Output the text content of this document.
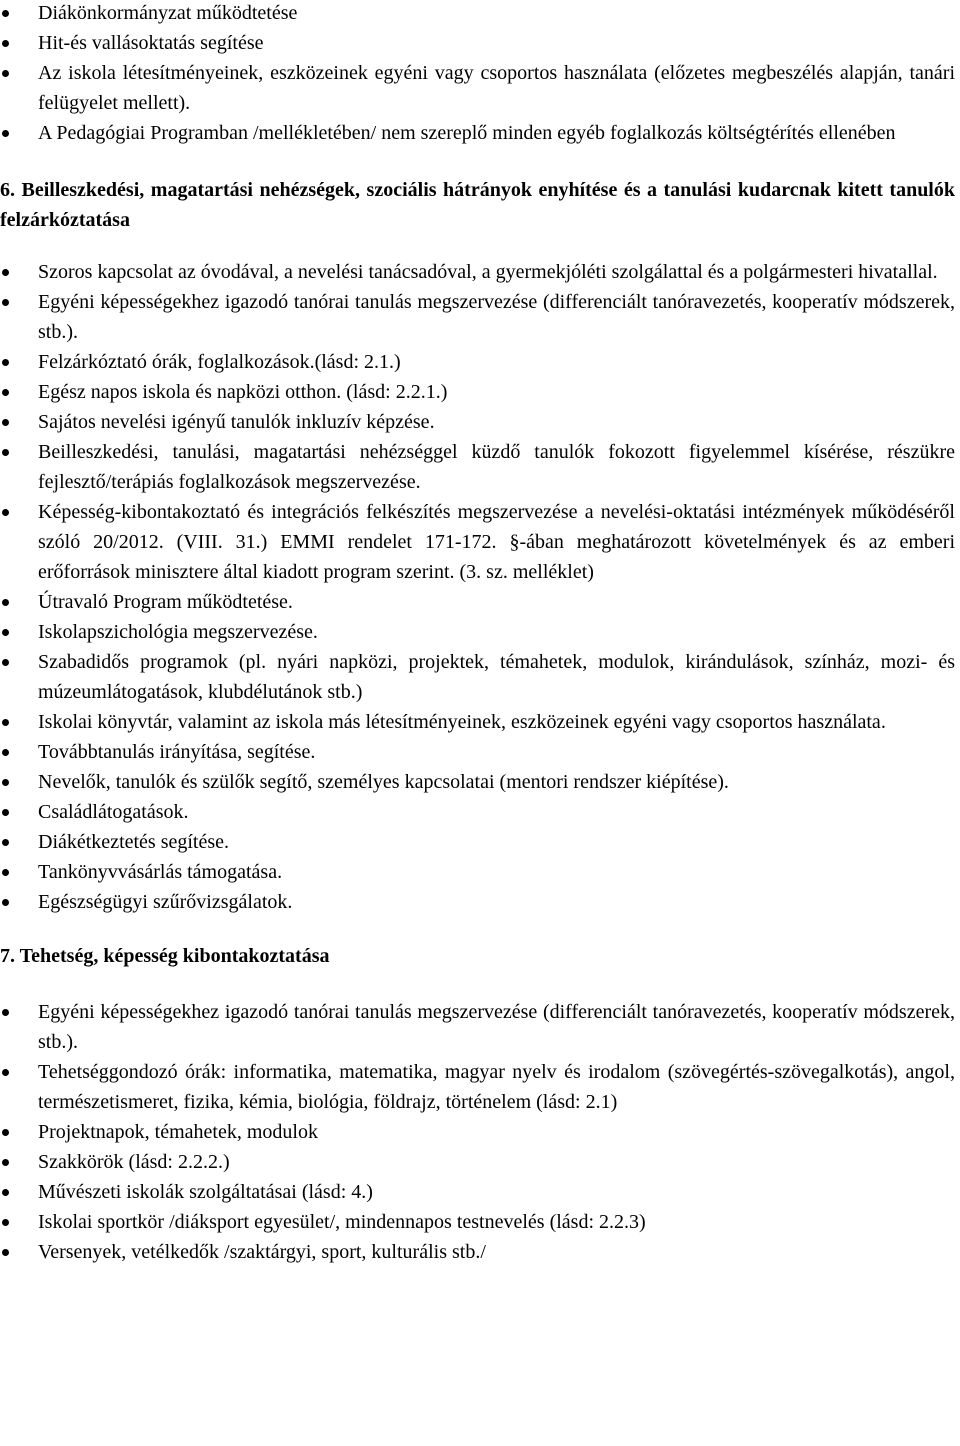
Diákönkormányzat működtetése
Hit-és vallásoktatás segítése
Az iskola létesítményeinek, eszközeinek egyéni vagy csoportos használata (előzetes megbeszélés alapján, tanári felügyelet mellett).
A Pedagógiai Programban /mellékletében/ nem szereplő minden egyéb foglalkozás költségtérítés ellenében

6. Beilleszkedési, magatartási nehézségek, szociális hátrányok enyhítése és a tanulási kudarcnak kitett tanulók felzárkóztatása

Szoros kapcsolat az óvodával, a nevelési tanácsadóval, a gyermekjóléti szolgálattal és a polgármesteri hivatallal.
Egyéni képességekhez igazodó tanórai tanulás megszervezése (differenciált tanóravezetés, kooperatív módszerek, stb.).
Felzárkóztató órák, foglalkozások.(lásd: 2.1.)
Egész napos iskola és napközi otthon. (lásd: 2.2.1.)
Sajátos nevelési igényű tanulók inkluzív képzése.
Beilleszkedési, tanulási, magatartási nehézséggel küzdő tanulók fokozott figyelemmel kísérése, részükre fejlesztő/terápiás foglalkozások megszervezése.
Képesség-kibontakoztató és integrációs felkészítés megszervezése a nevelési-oktatási intézmények működéséről szóló 20/2012. (VIII. 31.) EMMI rendelet 171-172. §-ában meghatározott követelmények és az emberi erőforrások minisztere által kiadott program szerint. (3. sz. melléklet)
Útravaló Program működtetése.
Iskolapszichológia megszervezése.
Szabadidős programok (pl. nyári napközi, projektek, témahetek, modulok, kirándulások, színház, mozi- és múzeumlátogatások, klubdélutánok stb.)
Iskolai könyvtár, valamint az iskola más létesítményeinek, eszközeinek egyéni vagy csoportos használata.
Továbbtanulás irányítása, segítése.
Nevelők, tanulók és szülők segítő, személyes kapcsolatai (mentori rendszer kiépítése).
Családlátogatások.
Diákétkeztetés segítése.
Tankönyvvásárlás támogatása.
Egészségügyi szűrővizsgálatok.

7. Tehetség, képesség kibontakoztatása

Egyéni képességekhez igazodó tanórai tanulás megszervezése (differenciált tanóravezetés, kooperatív módszerek, stb.).
Tehetséggondozó órák: informatika, matematika, magyar nyelv és irodalom (szövegértés-szövegalkotás), angol, természetismeret, fizika, kémia, biológia, földrajz, történelem (lásd: 2.1)
Projektnapok, témahetek, modulok
Szakkörök (lásd: 2.2.2.)
Művészeti iskolák szolgáltatásai (lásd: 4.)
Iskolai sportkör /diáksport egyesület/, mindennapos testnevelés (lásd: 2.2.3)
Versenyek, vetélkedők /szaktárgyi, sport, kulturális stb./
